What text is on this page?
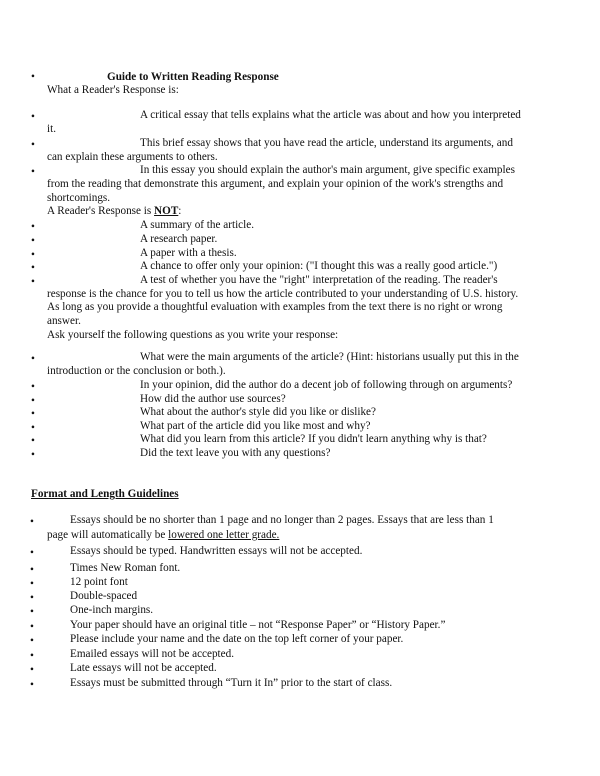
•	Guide to Written Reading Response
What a Reader's Response is:
•	A critical essay that tells explains what the article was about and how you interpreted
it.
•	This brief essay shows that you have read the article, understand its arguments, and
can explain these arguments to others.
•	In this essay you should explain the author's main argument, give specific examples
from the reading that demonstrate this argument, and explain your opinion of the work's strengths and
shortcomings.
A Reader's Response is NOT:
•	A summary of the article.
•	A research paper.
•	A paper with a thesis.
•	A chance to offer only your opinion: ("I thought this was a really good article.")
•	A test of whether you have the "right" interpretation of the reading. The reader's
response is the chance for you to tell us how the article contributed to your understanding of U.S. history.
As long as you provide a thoughtful evaluation with examples from the text there is no right or wrong
answer.
Ask yourself the following questions as you write your response:
•	What were the main arguments of the article? (Hint: historians usually put this in the
introduction or the conclusion or both.).
•	In your opinion, did the author do a decent job of following through on arguments?
•	How did the author use sources?
•	What about the author's style did you like or dislike?
•	What part of the article did you like most and why?
•	What did you learn from this article? If you didn't learn anything why is that?
•	Did the text leave you with any questions?
Format and Length Guidelines
•	Essays should be no shorter than 1 page and no longer than 2 pages. Essays that are less than 1
page will automatically be lowered one letter grade.
•	Essays should be typed. Handwritten essays will not be accepted.
•	Times New Roman font.
•	12 point font
•	Double-spaced
•	One-inch margins.
•	Your paper should have an original title – not “Response Paper” or “History Paper.”
•	Please include your name and the date on the top left corner of your paper.
•	Emailed essays will not be accepted.
•	Late essays will not be accepted.
•	Essays must be submitted through “Turn it In” prior to the start of class.
